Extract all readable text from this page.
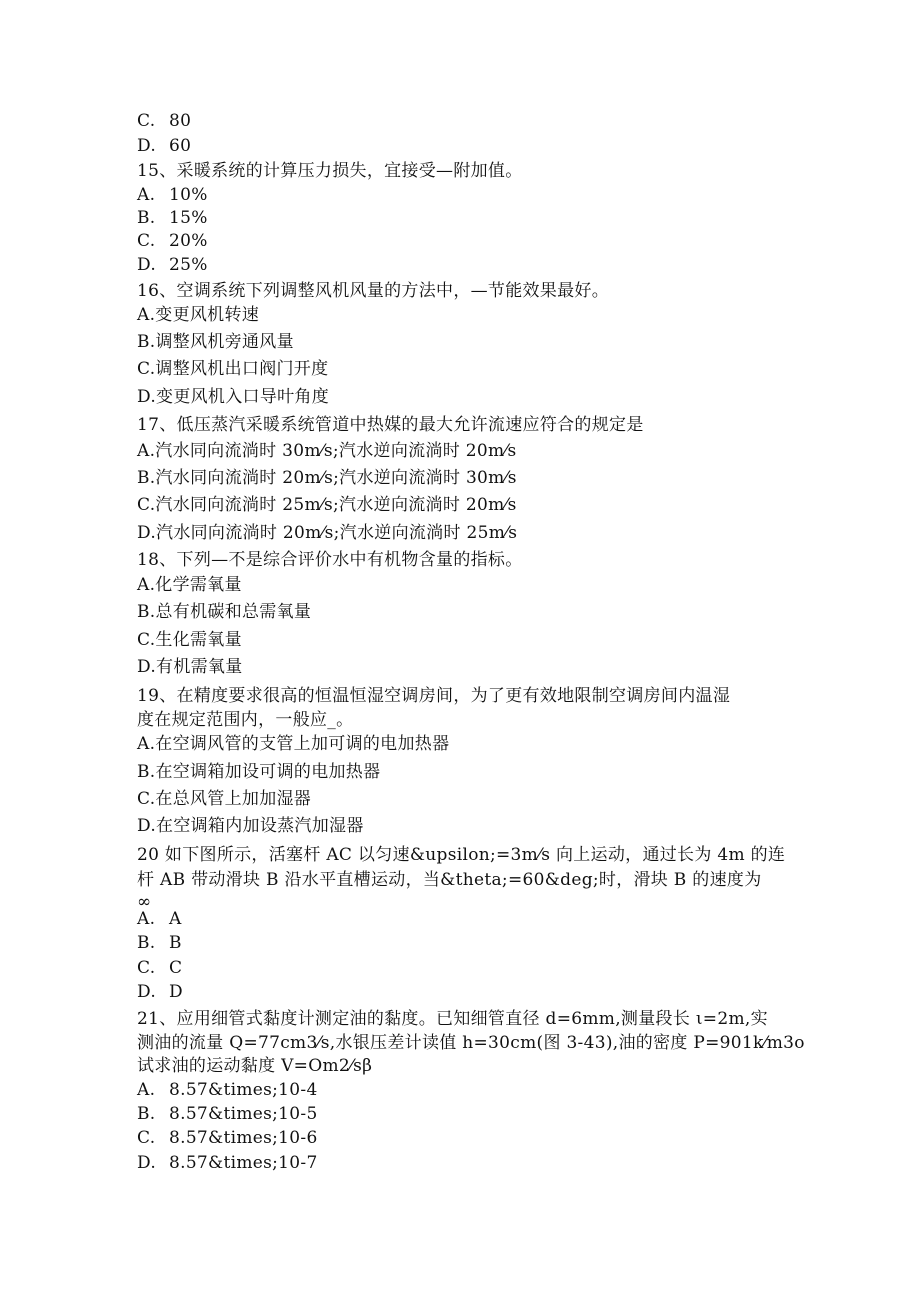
C. 80
D. 60
15、采暖系统的计算压力损失，宜接受—附加值。
A. 10%
B. 15%
C. 20%
D. 25%
16、空调系统下列调整风机风量的方法中，—节能效果最好。
A.变更风机转速
B.调整风机旁通风量
C.调整风机出口阀门开度
D.变更风机入口导叶角度
17、低压蒸汽采暖系统管道中热媒的最大允许流速应符合的规定是
A.汽水同向流淌时 30m⁄s;汽水逆向流淌时 20m⁄s
B.汽水同向流淌时 20m⁄s;汽水逆向流淌时 30m⁄s
C.汽水同向流淌时 25m⁄s;汽水逆向流淌时 20m⁄s
D.汽水同向流淌时 20m⁄s;汽水逆向流淌时 25m⁄s
18、下列—不是综合评价水中有机物含量的指标。
A.化学需氧量
B.总有机碳和总需氧量
C.生化需氧量
D.有机需氧量
19、在精度要求很高的恒温恒湿空调房间，为了更有效地限制空调房间内温湿
度在规定范围内，一般应_。
A.在空调风管的支管上加可调的电加热器
B.在空调箱加设可调的电加热器
C.在总风管上加加湿器
D.在空调箱内加设蒸汽加湿器
20 如下图所示，活塞杆 AC 以匀速&upsilon;=3m⁄s 向上运动，通过长为 4m 的连
杆 AB 带动滑块 B 沿水平直槽运动，当&theta;=60&deg;时，滑块 B 的速度为
∞
A. A
B. B
C. C
D. D
21、应用细管式黏度计测定油的黏度。已知细管直径 d=6mm,测量段长 ι=2m,实
测油的流量 Q=77cm3⁄s,水银压差计读值 h=30cm(图 3-43),油的密度 P=901k⁄m3o
试求油的运动黏度 V=Om2⁄sβ
A. 8.57&times;10-4
B. 8.57&times;10-5
C. 8.57&times;10-6
D. 8.57&times;10-7
